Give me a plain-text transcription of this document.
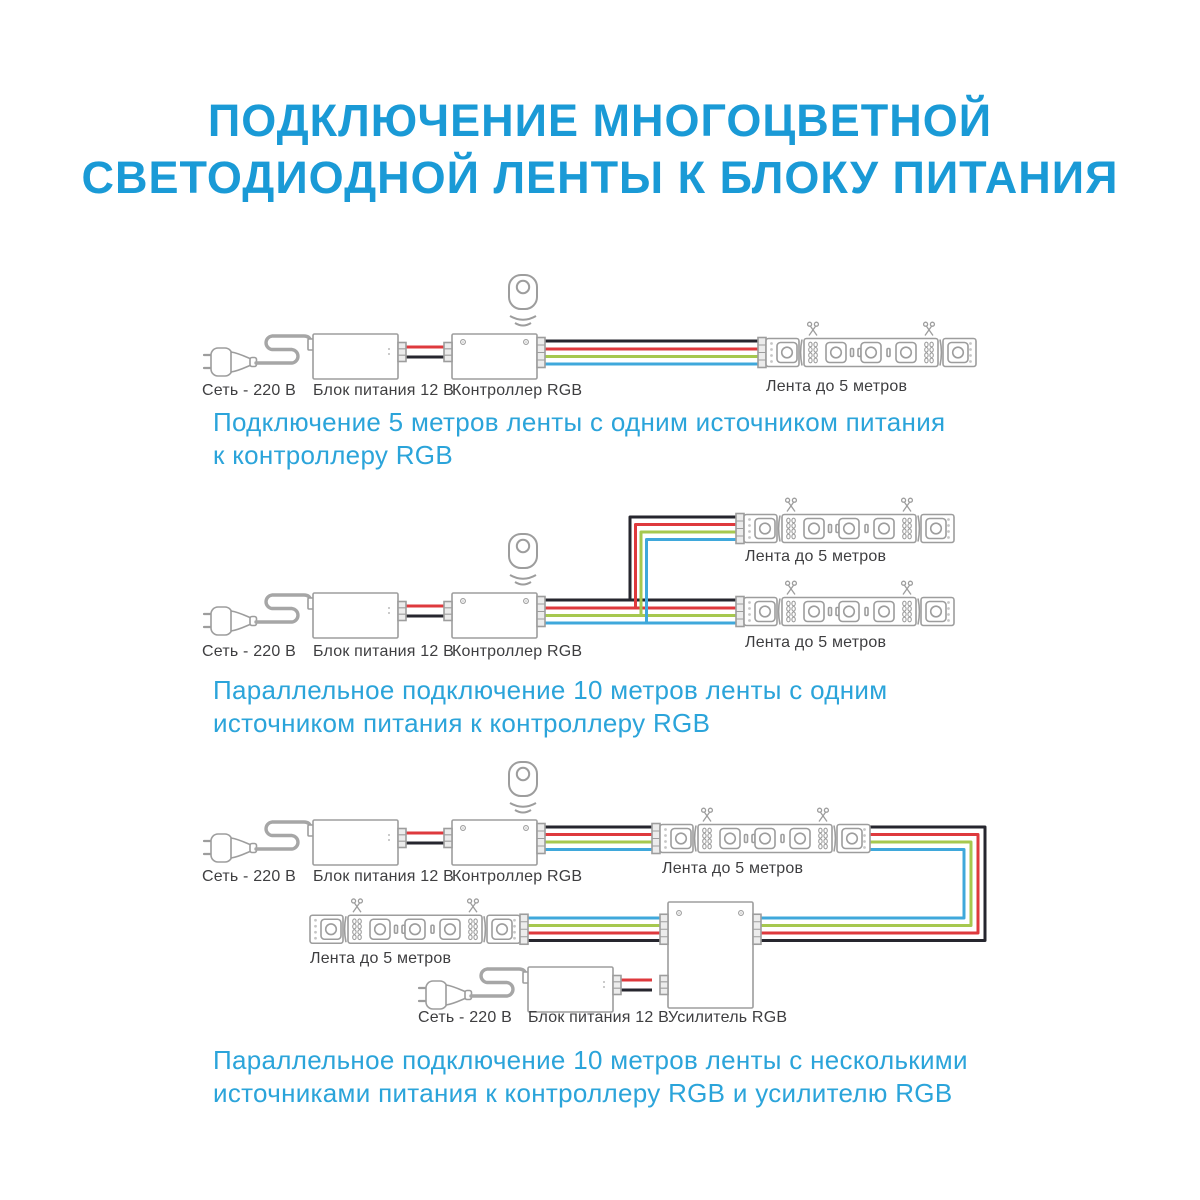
ПОДКЛЮЧЕНИЕ МНОГОЦВЕТНОЙ
СВЕТОДИОДНОЙ ЛЕНТЫ К БЛОКУ ПИТАНИЯ
Сеть - 220 В Блок питания 12 В
Контроллер RGB	Лента до 5 метров
Подключение 5 метров ленты с одним источником питания
к контроллеру RGB
Лента до 5 метров
Лента до 5 метров
Сеть - 220 В Блок питания 12 В
Контроллер RGB
Параллельное подключение 10 метров ленты с одним
источником питания к контроллеру RGB
Сеть - 220 В Блок питания 12 В
Контроллер RGB	Лента до 5 метров
Лента до 5 метров
Сеть - 220 В Блок питания 12 В
Усилитель RGB
Параллельное подключение 10 метров ленты с несколькими
источниками питания к контроллеру RGB и усилителю RGB
